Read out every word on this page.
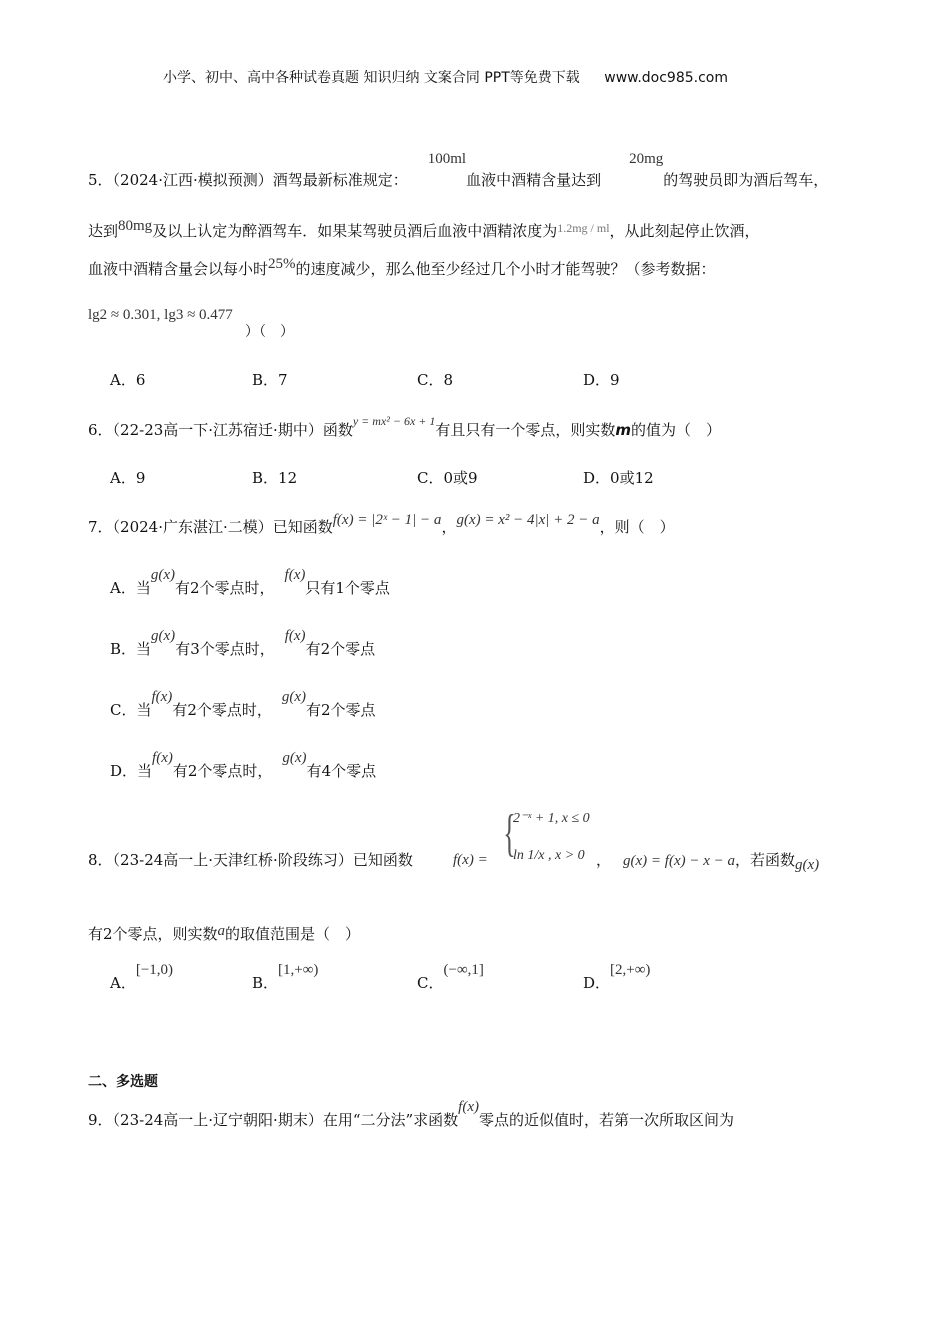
小学、初中、高中各种试卷真题 知识归纳 文案合同 PPT等免费下载 www.doc985.com
5．（2024·江西·模拟预测）酒驾最新标准规定：100ml血液中酒精含量达到20mg的驾驶员即为酒后驾车，
达到80mg及以上认定为醉酒驾车．如果某驾驶员酒后血液中酒精浓度为$^{1.2mg / ml}$，从此刻起停止饮酒，
血液中酒精含量会以每小时25%的速度减少，那么他至少经过几个小时才能驾驶？（参考数据：
lg2 ≈ 0.301, lg3 ≈ 0.477
）（　）
A．6	B．7	C．8	D．9
6．（22-23高一下·江苏宿迁·期中）函数$^{y = mx^2 - 6x + 1}$有且只有一个零点，则实数m的值为（　）
A．9	B．12	C．0或9	D．0或12
7．（2024·广东湛江·二模）已知函数f(x) = |2ˣ − 1| − a，g(x) = x² − 4|x| + 2 − a，则（　）
A．当g(x)有2个零点时，f(x)只有1个零点
B．当g(x)有3个零点时，f(x)有2个零点
C．当f(x)有2个零点时，g(x)有2个零点
D．当f(x)有2个零点时，g(x)有4个零点
8．（23-24高一上·天津红桥·阶段练习）已知函数	f(x) = {
2⁻ˣ + 1, x ≤ 0
ln 1/x , x > 0 ， g(x) = f(x) − x − a，若函数g(x)
有2个零点，则实数a的取值范围是（　）
A．[−1,0)
B．[1,+∞)
C．(−∞,1]
D．[2,+∞)
二、多选题
9．（23-24高一上·辽宁朝阳·期末）在用“二分法”求函数f(x)零点的近似值时，若第一次所取区间为
